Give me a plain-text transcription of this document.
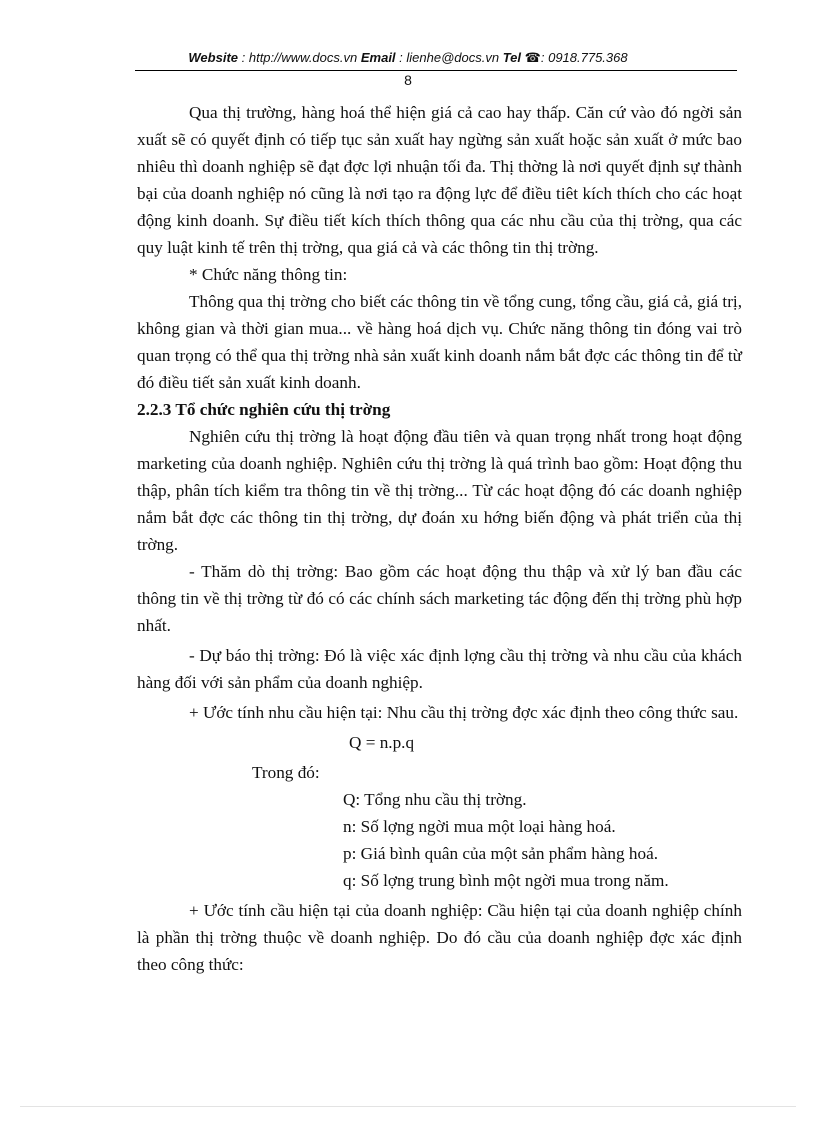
Website : http://www.docs.vn Email : lienhe@docs.vn Tel ☎: 0918.775.368
8

Qua thị trường, hàng hoá thể hiện giá cả cao hay thấp. Căn cứ vào đó ngời sản xuất sẽ có quyết định có tiếp tục sản xuất hay ngừng sản xuất hoặc sản xuất ở mức bao nhiêu thì doanh nghiệp sẽ đạt đợc lợi nhuận tối đa. Thị thờng là nơi quyết định sự thành bại của doanh nghiệp nó cũng là nơi tạo ra động lực để điều tiêt kích thích cho các hoạt động kinh doanh. Sự điều tiết kích thích thông qua các nhu cầu của thị trờng, qua các quy luật kinh tế trên thị trờng, qua giá cả và các thông tin thị trờng.

* Chức năng thông tin:

Thông qua thị trờng cho biết các thông tin về tổng cung, tổng cầu, giá cả, giá trị, không gian và thời gian mua... về hàng hoá dịch vụ. Chức năng thông tin đóng vai trò quan trọng có thể qua thị trờng nhà sản xuất kinh doanh nắm bắt đợc các thông tin để từ đó điều tiết sản xuất kinh doanh.

2.2.3 Tổ chức nghiên cứu thị trờng

Nghiên cứu thị trờng là hoạt động đầu tiên và quan trọng nhất trong hoạt động marketing của doanh nghiệp. Nghiên cứu thị trờng là quá trình bao gồm: Hoạt động thu thập, phân tích kiểm tra thông tin về thị trờng... Từ các hoạt động đó các doanh nghiệp nắm bắt đợc các thông tin thị trờng, dự đoán xu hớng biến động và phát triển của thị trờng.

- Thăm dò thị trờng: Bao gồm các hoạt động thu thập và xử lý ban đầu các thông tin về thị trờng từ đó có các chính sách marketing tác động đến thị trờng phù hợp nhất.

- Dự báo thị trờng: Đó là việc xác định lợng cầu thị trờng và nhu cầu của khách hàng đối với sản phẩm của doanh nghiệp.

+ Ước tính nhu cầu hiện tại: Nhu cầu thị trờng đợc xác định theo công thức sau.

Q = n.p.q

Trong đó:

Q: Tổng nhu cầu thị trờng.

n: Số lợng ngời mua một loại hàng hoá.

p: Giá bình quân của một sản phẩm hàng hoá.

q: Số lợng trung bình một ngời mua trong năm.

+ Ước tính cầu hiện tại của doanh nghiệp: Cầu hiện tại của doanh nghiệp chính là phần thị trờng thuộc về doanh nghiệp. Do đó cầu của doanh nghiệp đợc xác định theo công thức:
